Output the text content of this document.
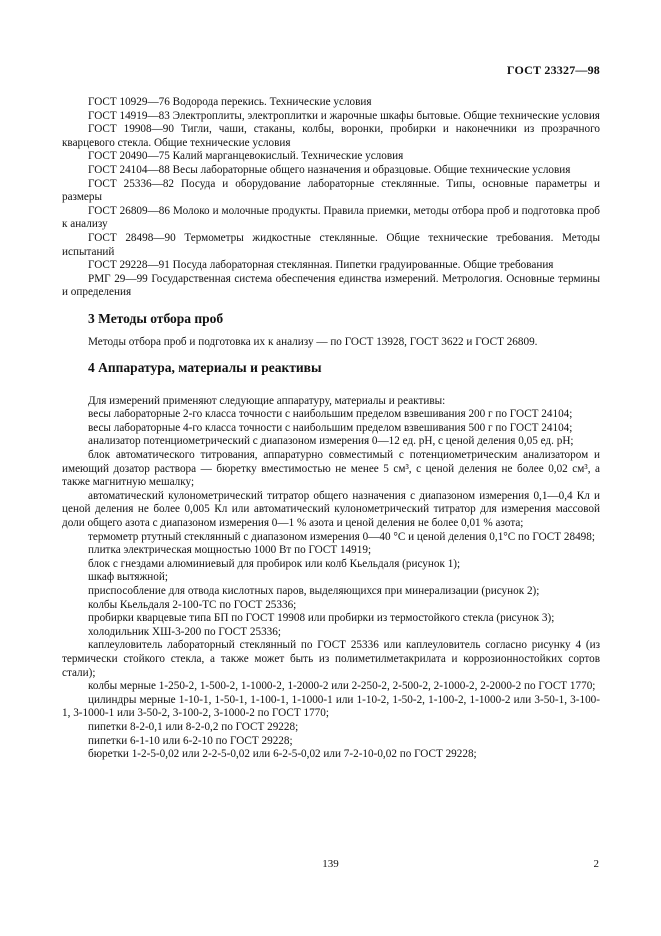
ГОСТ 23327—98

ГОСТ 10929—76 Водорода перекись. Технические условия

ГОСТ 14919—83 Электроплиты, электроплитки и жарочные шкафы бытовые. Общие технические условия

ГОСТ 19908—90 Тигли, чаши, стаканы, колбы, воронки, пробирки и наконечники из прозрачного кварцевого стекла. Общие технические условия

ГОСТ 20490—75 Калий марганцевокислый. Технические условия

ГОСТ 24104—88 Весы лабораторные общего назначения и образцовые. Общие технические условия

ГОСТ 25336—82 Посуда и оборудование лабораторные стеклянные. Типы, основные параметры и размеры

ГОСТ 26809—86 Молоко и молочные продукты. Правила приемки, методы отбора проб и подготовка проб к анализу

ГОСТ 28498—90 Термометры жидкостные стеклянные. Общие технические требования. Методы испытаний

ГОСТ 29228—91 Посуда лабораторная стеклянная. Пипетки градуированные. Общие требования

РМГ 29—99 Государственная система обеспечения единства измерений. Метрология. Основные термины и определения

3 Методы отбора проб

Методы отбора проб и подготовка их к анализу — по ГОСТ 13928, ГОСТ 3622 и ГОСТ 26809.

4 Аппаратура, материалы и реактивы

Для измерений применяют следующие аппаратуру, материалы и реактивы:

весы лабораторные 2-го класса точности с наибольшим пределом взвешивания 200 г по ГОСТ 24104;

весы лабораторные 4-го класса точности с наибольшим пределом взвешивания 500 г по ГОСТ 24104;

анализатор потенциометрический с диапазоном измерения 0—12 ед. pH, с ценой деления 0,05 ед. pH;

блок автоматического титрования, аппаратурно совместимый с потенциометрическим анализатором и имеющий дозатор раствора — бюретку вместимостью не менее 5 см³, с ценой деления не более 0,02 см³, а также магнитную мешалку;

автоматический кулонометрический титратор общего назначения с диапазоном измерения 0,1—0,4 Кл и ценой деления не более 0,005 Кл или автоматический кулонометрический титратор для измерения массовой доли общего азота с диапазоном измерения 0—1 % азота и ценой деления не более 0,01 % азота;

термометр ртутный стеклянный с диапазоном измерения 0—40 °С и ценой деления 0,1°С по ГОСТ 28498;

плитка электрическая мощностью 1000 Вт по ГОСТ 14919;

блок с гнездами алюминиевый для пробирок или колб Кьельдаля (рисунок 1);

шкаф вытяжной;

приспособление для отвода кислотных паров, выделяющихся при минерализации (рисунок 2);

колбы Кьельдаля 2-100-ТС по ГОСТ 25336;

пробирки кварцевые типа БП по ГОСТ 19908 или пробирки из термостойкого стекла (рисунок 3);

холодильник ХШ-3-200 по ГОСТ 25336;

каплеуловитель лабораторный стеклянный по ГОСТ 25336 или каплеуловитель согласно рисунку 4 (из термически стойкого стекла, а также может быть из полиметилметакрилата и коррозионностойких сортов стали);

колбы мерные 1-250-2, 1-500-2, 1-1000-2, 1-2000-2 или 2-250-2, 2-500-2, 2-1000-2, 2-2000-2 по ГОСТ 1770;

цилиндры мерные 1-10-1, 1-50-1, 1-100-1, 1-1000-1 или 1-10-2, 1-50-2, 1-100-2, 1-1000-2 или 3-50-1, 3-100-1, 3-1000-1 или 3-50-2, 3-100-2, 3-1000-2 по ГОСТ 1770;

пипетки 8-2-0,1 или 8-2-0,2 по ГОСТ 29228;

пипетки 6-1-10 или 6-2-10 по ГОСТ 29228;

бюретки 1-2-5-0,02 или 2-2-5-0,02 или 6-2-5-0,02 или 7-2-10-0,02 по ГОСТ 29228;

139	2
